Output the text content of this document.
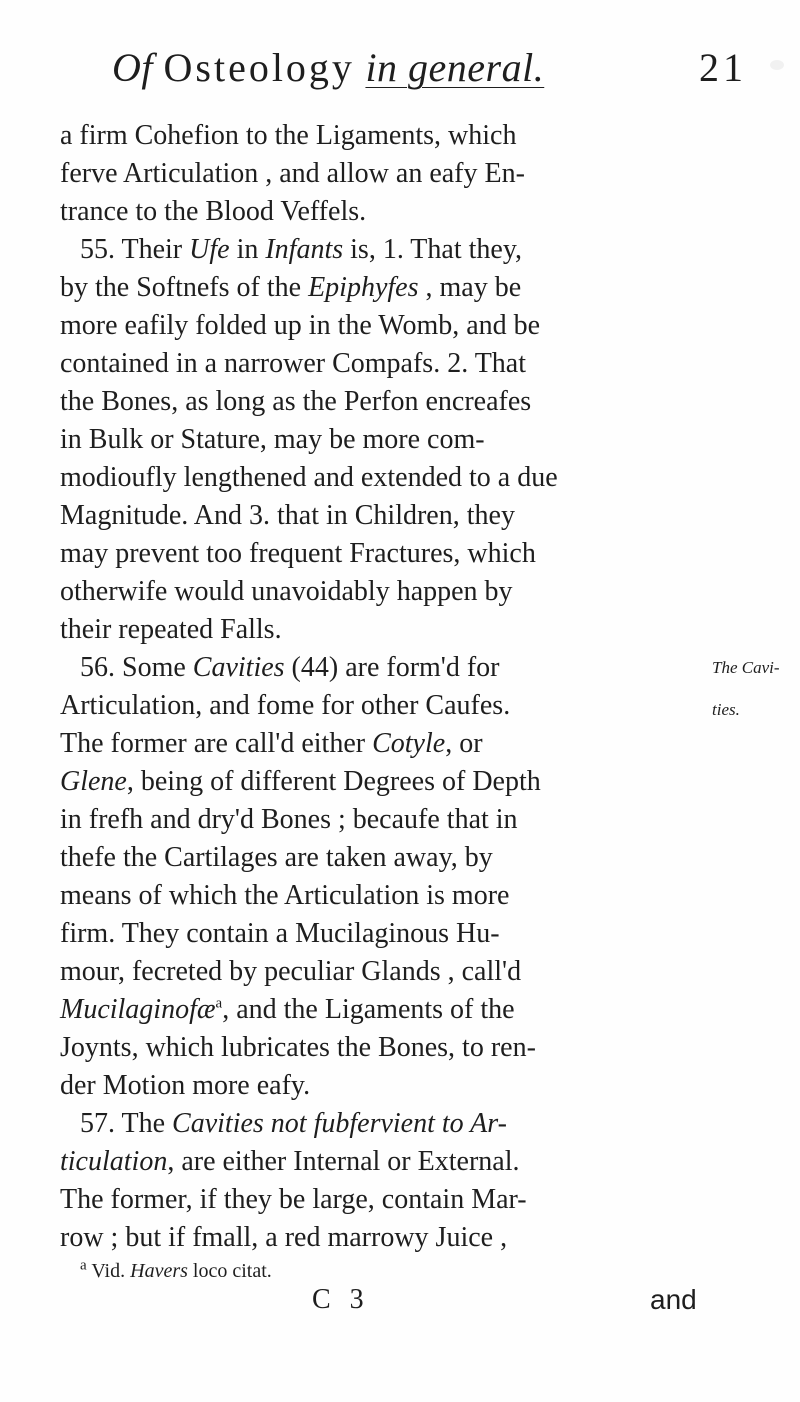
Of Osteology in general.	21
a firm Cohefion to the Ligaments, which
ferve Articulation , and allow an eafy En-
trance to the Blood Veffels.
55. Their Ufe in Infants is, 1. That they,
by the Softnefs of the Epiphyfes , may be
more eafily folded up in the Womb, and be
contained in a narrower Compafs. 2. That
the Bones, as long as the Perfon encreafes
in Bulk or Stature, may be more com-
modioufly lengthened and extended to a due
Magnitude. And 3. that in Children, they
may prevent too frequent Fractures, which
otherwife would unavoidably happen by
their repeated Falls.
56. Some Cavities (44) are form'd for
Articulation, and fome for other Caufes.
The former are call'd either Cotyle, or
Glene, being of different Degrees of Depth
in frefh and dry'd Bones ; becaufe that in
thefe the Cartilages are taken away, by
means of which the Articulation is more
firm. They contain a Mucilaginous Hu-
mour, fecreted by peculiar Glands , call'd
Mucilaginofæ$^a$, and the Ligaments of the
Joynts, which lubricates the Bones, to ren-
der Motion more eafy.
57. The Cavities not fubfervient to Ar-
ticulation, are either Internal or External.
The former, if they be large, contain Mar-
row ; but if fmall, a red marrowy Juice ,
The Cavi-
ties.
$^a$ Vid. Havers loco citat.
C 3	and
